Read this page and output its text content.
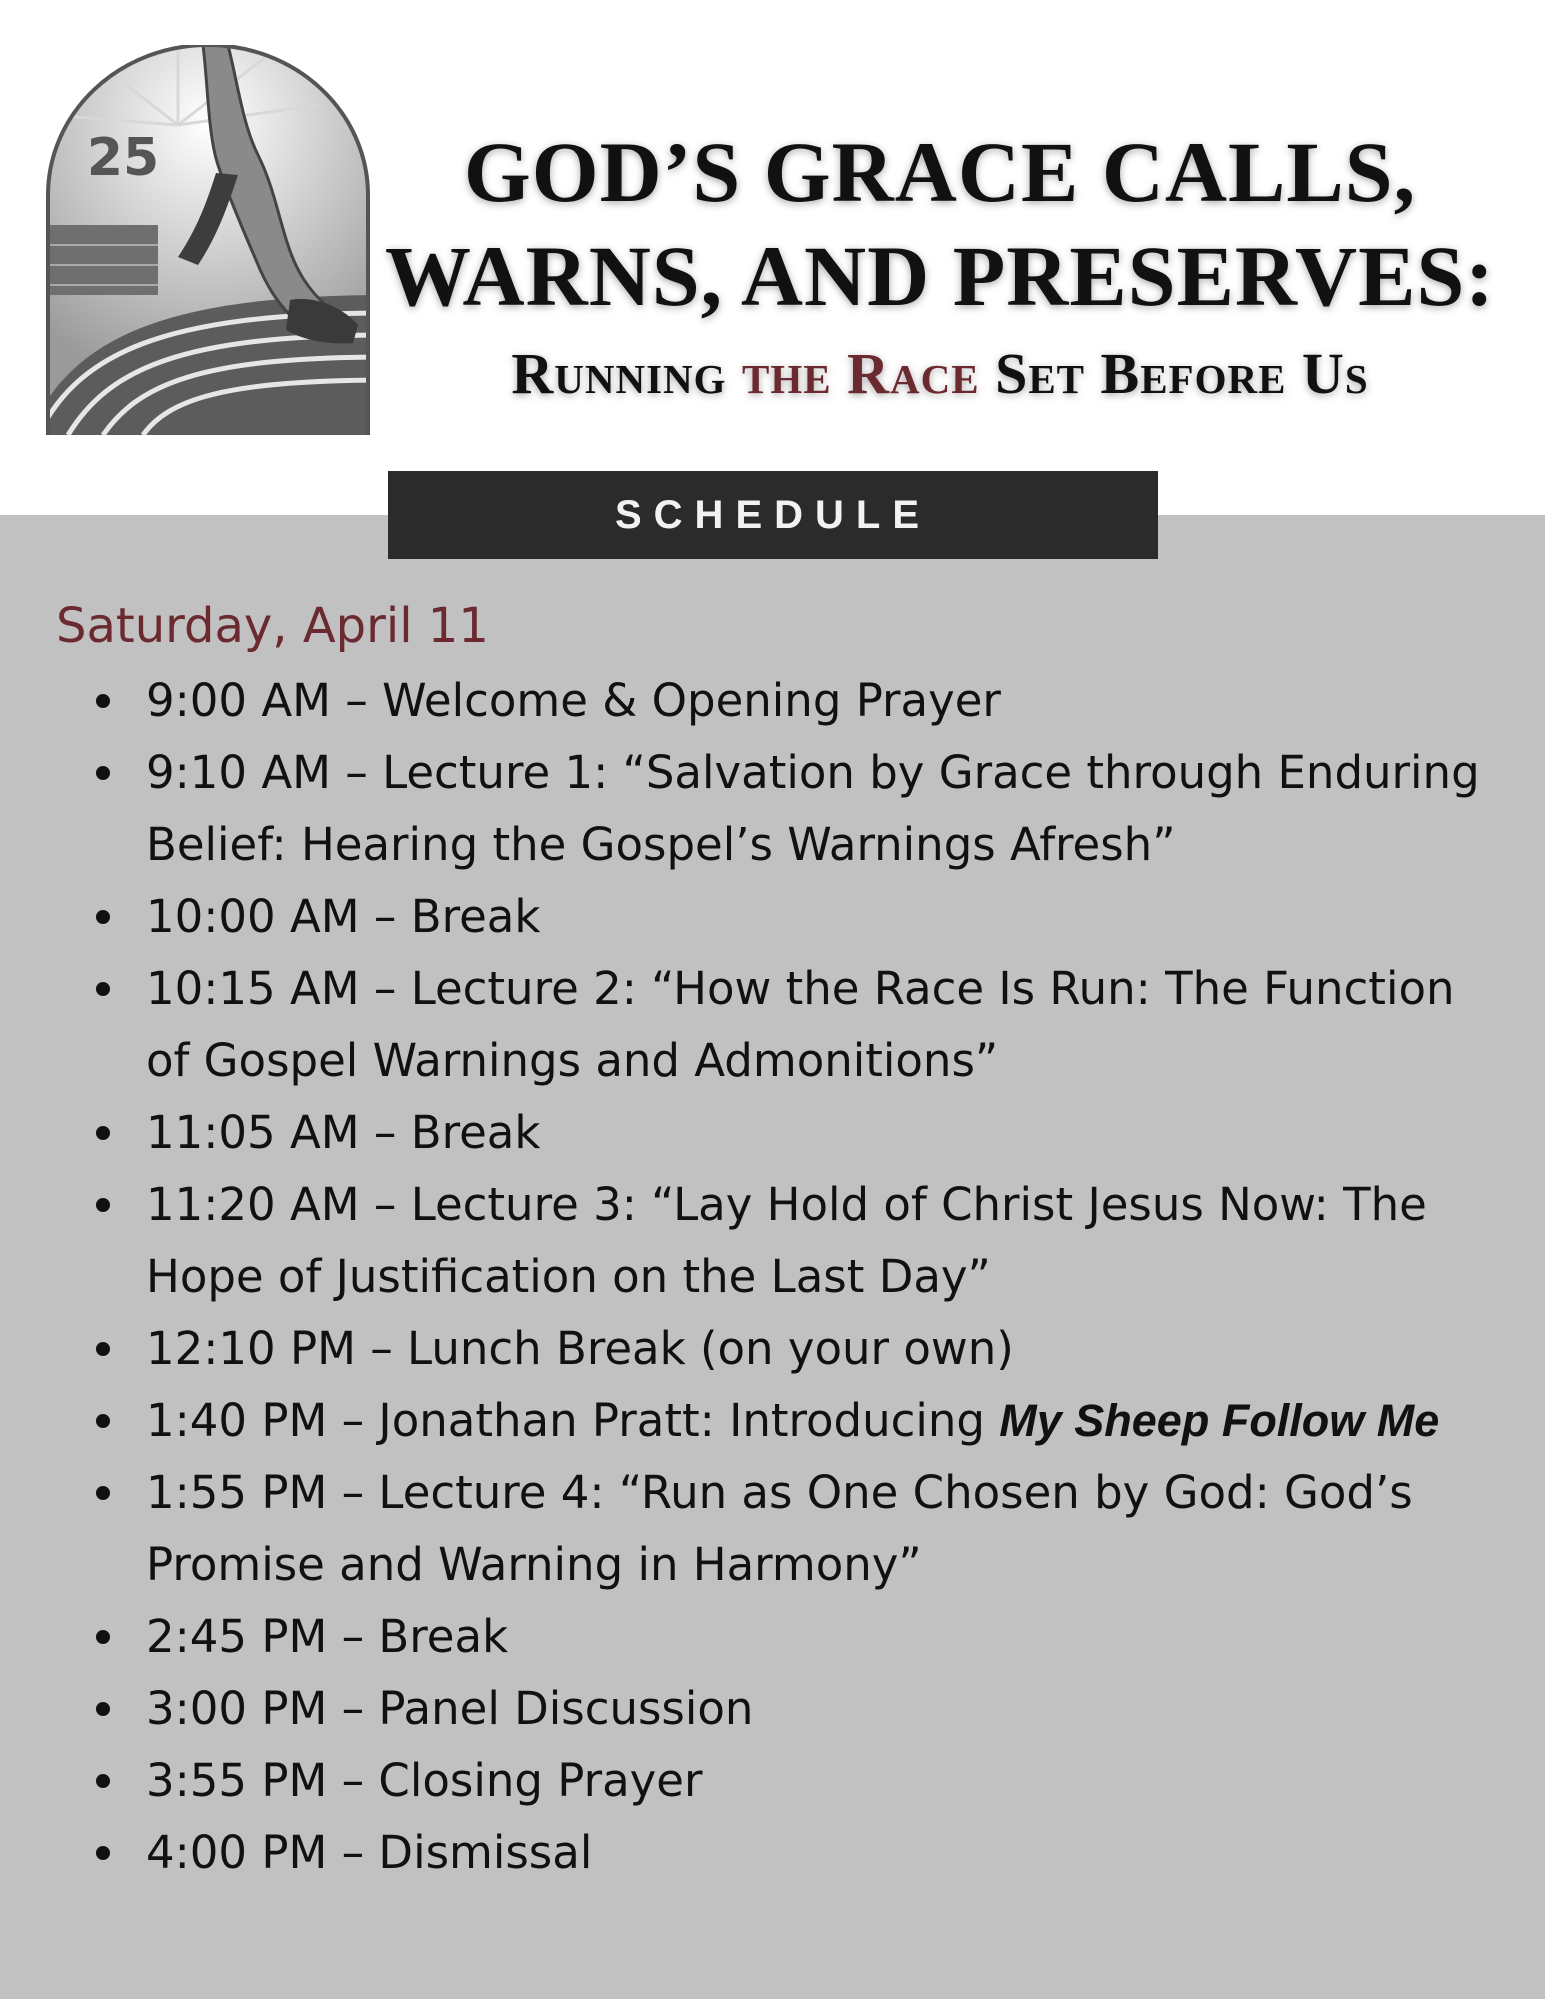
25	GOD’S GRACE CALLS,
WARNS, AND PRESERVES:
Running the Race Set Before Us
SCHEDULE
Saturday, April 11
9:00 AM – Welcome & Opening Prayer
9:10 AM – Lecture 1: “Salvation by Grace through Enduring Belief: Hearing the Gospel’s Warnings Afresh”
10:00 AM – Break
10:15 AM – Lecture 2: “How the Race Is Run: The Function of Gospel Warnings and Admonitions”
11:05 AM – Break
11:20 AM – Lecture 3: “Lay Hold of Christ Jesus Now: The Hope of Justification on the Last Day”
12:10 PM – Lunch Break (on your own)
1:40 PM – Jonathan Pratt: Introducing My Sheep Follow Me
1:55 PM – Lecture 4: “Run as One Chosen by God: God’s Promise and Warning in Harmony”
2:45 PM – Break
3:00 PM – Panel Discussion
3:55 PM – Closing Prayer
4:00 PM – Dismissal
